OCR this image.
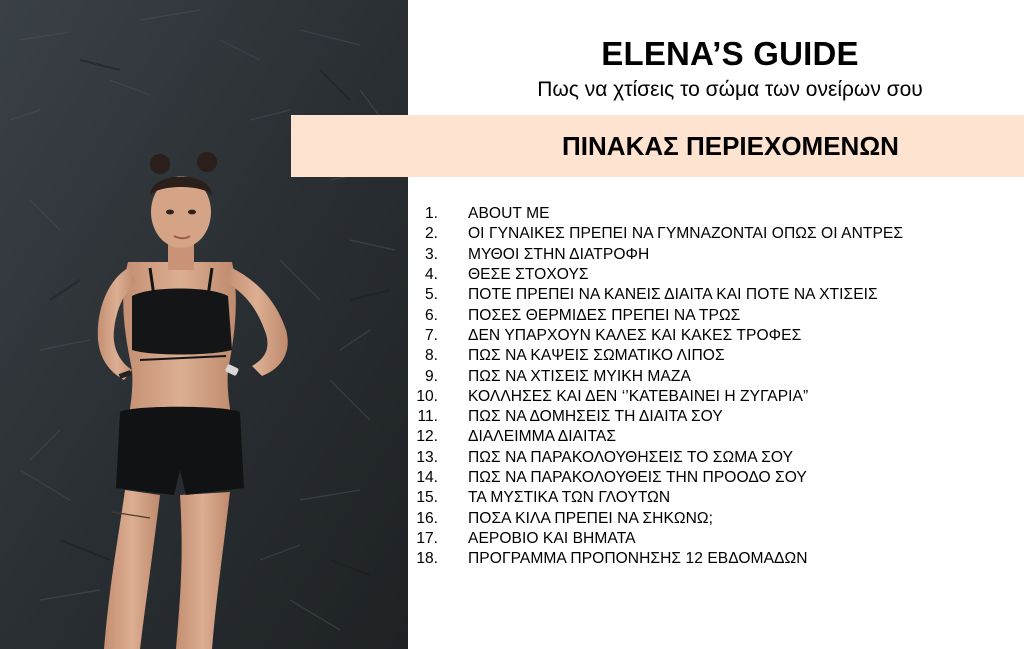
ELENA’S GUIDE
Πως να χτίσεις το σώμα των ονείρων σου
ΠΙΝΑΚΑΣ ΠΕΡΙΕΧΟΜΕΝΩΝ
1. ABOUT ME
2. ΟΙ ΓΥΝΑΙΚΕΣ ΠΡΕΠΕΙ ΝΑ ΓΥΜΝΑΖΟΝΤΑΙ ΟΠΩΣ ΟΙ ΑΝΤΡΕΣ
3. ΜΥΘΟΙ ΣΤΗΝ ΔΙΑΤΡΟΦΗ
4. ΘΕΣΕ ΣΤΟΧΟΥΣ
5. ΠΟΤΕ ΠΡΕΠΕΙ ΝΑ ΚΑΝΕΙΣ ΔΙΑΙΤΑ ΚΑΙ ΠΟΤΕ ΝΑ ΧΤΙΣΕΙΣ
6. ΠΟΣΕΣ ΘΕΡΜΙΔΕΣ ΠΡΕΠΕΙ ΝΑ ΤΡΩΣ
7. ΔΕΝ ΥΠΑΡΧΟΥΝ ΚΑΛΕΣ ΚΑΙ ΚΑΚΕΣ ΤΡΟΦΕΣ
8. ΠΩΣ ΝΑ ΚΑΨΕΙΣ ΣΩΜΑΤΙΚΟ ΛΙΠΟΣ
9. ΠΩΣ ΝΑ ΧΤΙΣΕΙΣ ΜΥΙΚΗ ΜΑΖΑ
10. ΚΟΛΛΗΣΕΣ ΚΑΙ ΔΕΝ ‘’ΚΑΤΕΒΑΙΝΕΙ Η ΖΥΓΑΡΙΑ”
11. ΠΩΣ ΝΑ ΔΟΜΗΣΕΙΣ ΤΗ ΔΙΑΙΤΑ ΣΟΥ
12. ΔΙΑΛΕΙΜΜΑ ΔΙΑΙΤΑΣ
13. ΠΩΣ ΝΑ ΠΑΡΑΚΟΛΟΥΘΗΣΕΙΣ ΤΟ ΣΩΜΑ ΣΟΥ
14. ΠΩΣ ΝΑ ΠΑΡΑΚΟΛΟΥΘΕΙΣ ΤΗΝ ΠΡΟΟΔΟ ΣΟΥ
15. ΤΑ ΜΥΣΤΙΚΑ ΤΩΝ ΓΛΟΥΤΩΝ
16. ΠΟΣΑ ΚΙΛΑ ΠΡΕΠΕΙ ΝΑ ΣΗΚΩΝΩ;
17. ΑΕΡΟΒΙΟ ΚΑΙ ΒΗΜΑΤΑ
18. ΠΡΟΓΡΑΜΜΑ ΠΡΟΠΟΝΗΣΗΣ 12 ΕΒΔΟΜΑΔΩΝ
